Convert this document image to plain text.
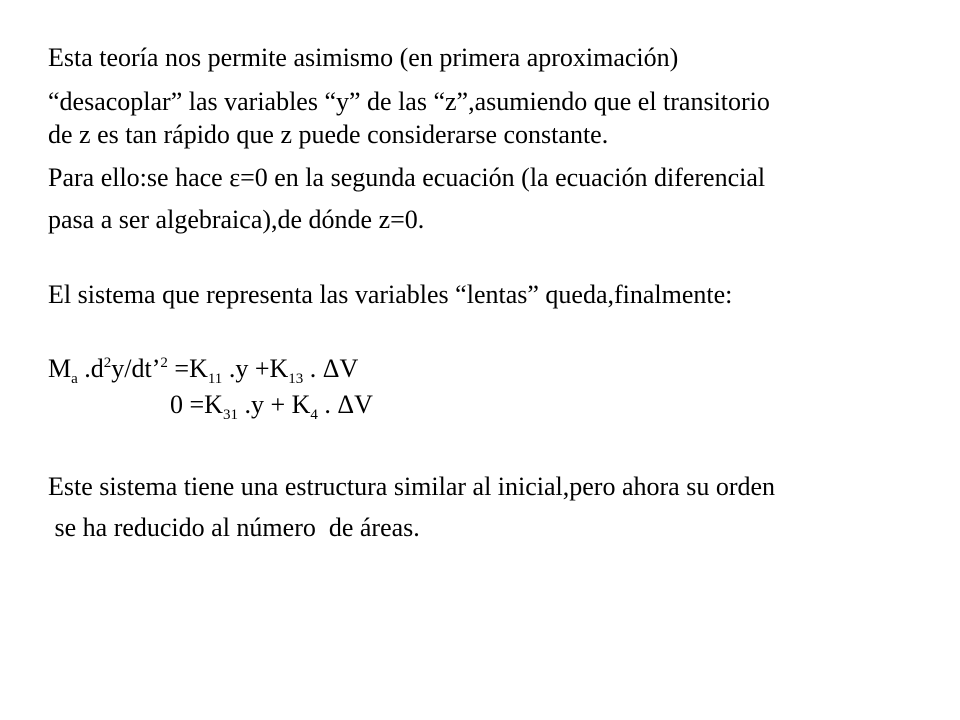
Esta teoría nos permite asimismo (en primera aproximación)
“desacoplar” las variables “y” de las “z”,asumiendo que el transitorio
de z es tan rápido que z puede considerarse constante.
Para ello:se hace ε=0 en la segunda ecuación (la ecuación diferencial
pasa a ser algebraica),de dónde z=0.
El sistema que representa las variables “lentas” queda,finalmente:
$M_a$ $.d^2y/dt’^2 =K_{11}$ $.y +K_{13}$ . ΔV
$0 =K_{31}$ $.y + K_4$ . ΔV
Este sistema tiene una estructura similar al inicial,pero ahora su orden
se ha reducido al número  de áreas.
